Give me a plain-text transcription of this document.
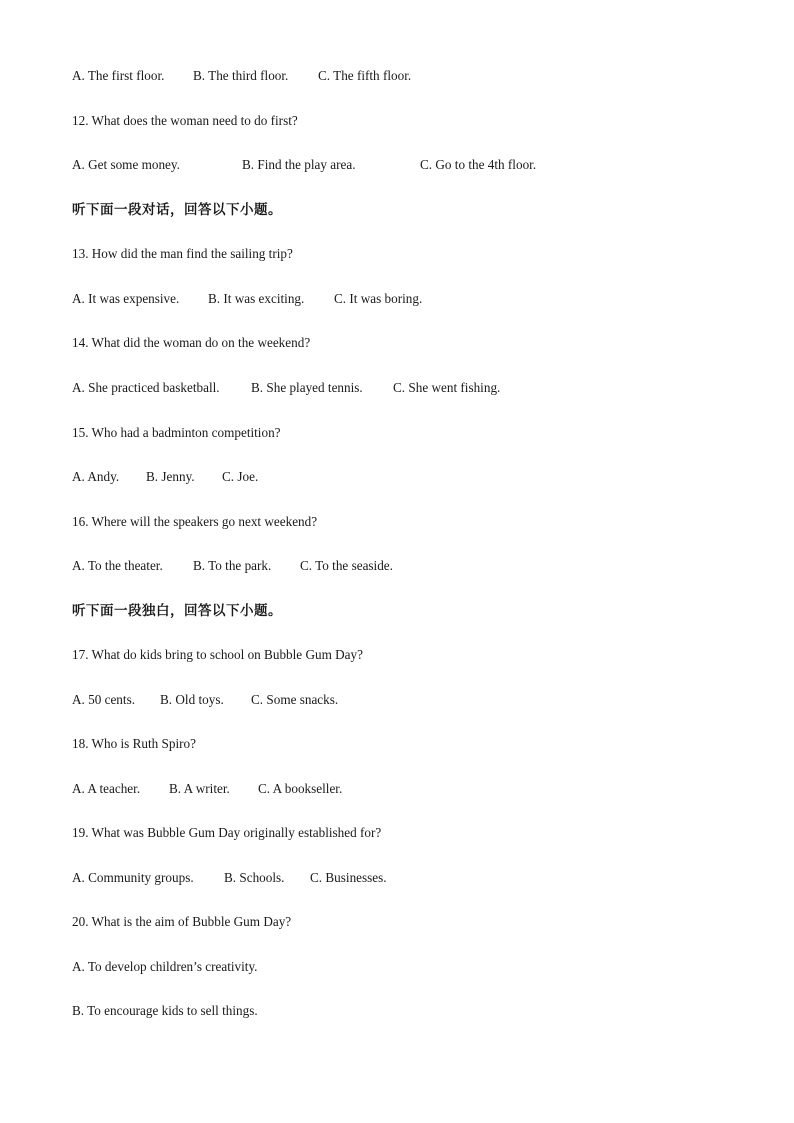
A. The first floor. B. The third floor. C. The fifth floor.
12. What does the woman need to do first?
A. Get some money.	B. Find the play area.	C. Go to the 4th floor.
听下面一段对话，回答以下小题。
13. How did the man find the sailing trip?
A. It was expensive. B. It was exciting. C. It was boring.
14. What did the woman do on the weekend?
A. She practiced basketball. B. She played tennis. C. She went fishing.
15. Who had a badminton competition?
A. Andy. B. Jenny. C. Joe.
16. Where will the speakers go next weekend?
A. To the theater. B. To the park. C. To the seaside.
听下面一段独白，回答以下小题。
17. What do kids bring to school on Bubble Gum Day?
A. 50 cents. B. Old toys. C. Some snacks.
18. Who is Ruth Spiro?
A. A teacher. B. A writer. C. A bookseller.
19. What was Bubble Gum Day originally established for?
A. Community groups. B. Schools. C. Businesses.
20. What is the aim of Bubble Gum Day?
A. To develop children’s creativity.
B. To encourage kids to sell things.
